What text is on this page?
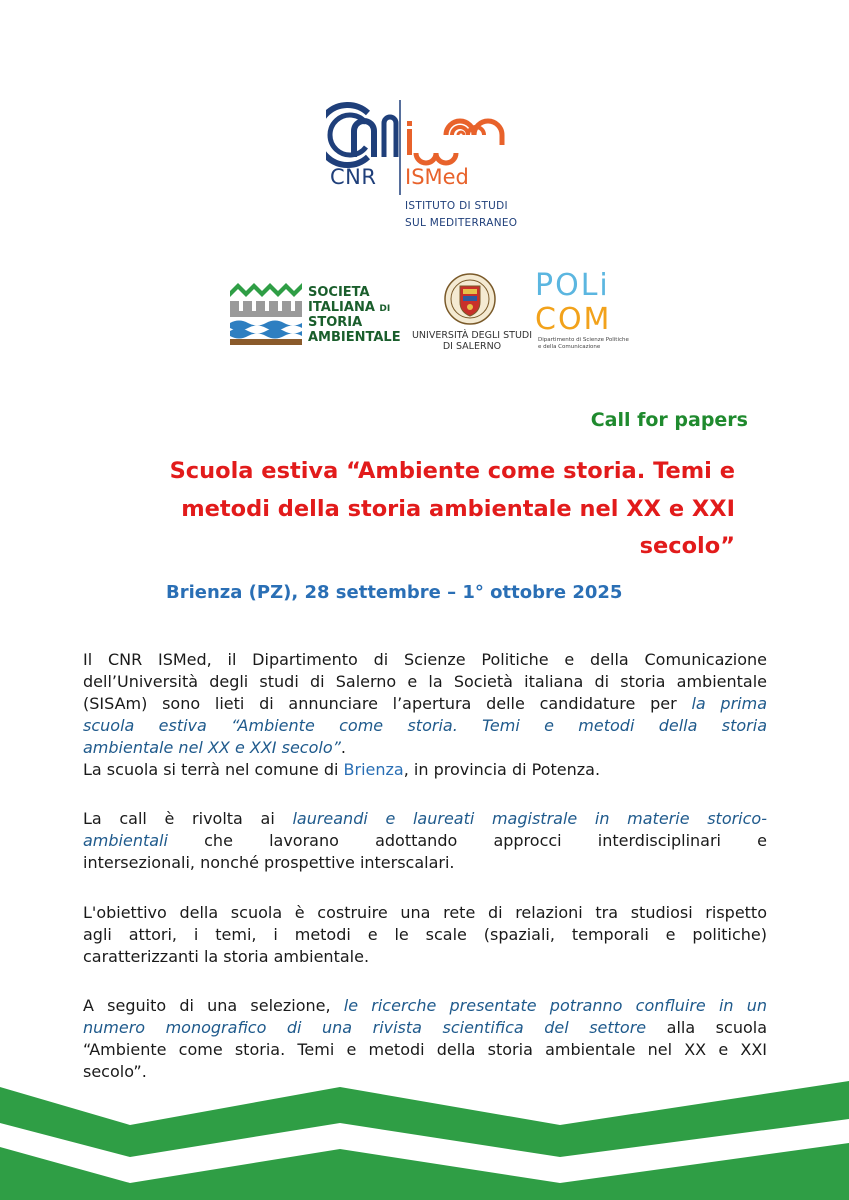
CNR ISMed
ISTITUTO DI STUDI
SUL MEDITERRANEO
SOCIETA
ITALIANA DI
STORIA
AMBIENTALE	UNIVERSITÀ DEGLI STUDI
DI SALERNO
POLi
COM
Dipartimento di Scienze Politiche
e della Comunicazione
Call for papers
Scuola estiva “Ambiente come storia. Temi e
metodi della storia ambientale nel XX e XXI
secolo”
Brienza (PZ), 28 settembre – 1° ottobre 2025
Il CNR ISMed, il Dipartimento di Scienze Politiche e della Comunicazione
dell’Università degli studi di Salerno e la Società italiana di storia ambientale
(SISAm) sono lieti di annunciare l’apertura delle candidature per la prima
scuola estiva “Ambiente come storia. Temi e metodi della storia
ambientale nel XX e XXI secolo”.
La scuola si terrà nel comune di Brienza, in provincia di Potenza.
La call è rivolta ai laureandi e laureati magistrale in materie storico-
ambientali che lavorano adottando approcci interdisciplinari e
intersezionali, nonché prospettive interscalari.
L'obiettivo della scuola è costruire una rete di relazioni tra studiosi rispetto
agli attori, i temi, i metodi e le scale (spaziali, temporali e politiche)
caratterizzanti la storia ambientale.
A seguito di una selezione, le ricerche presentate potranno confluire in un
numero monografico di una rivista scientifica del settore alla scuola
“Ambiente come storia. Temi e metodi della storia ambientale nel XX e XXI
secolo”.
